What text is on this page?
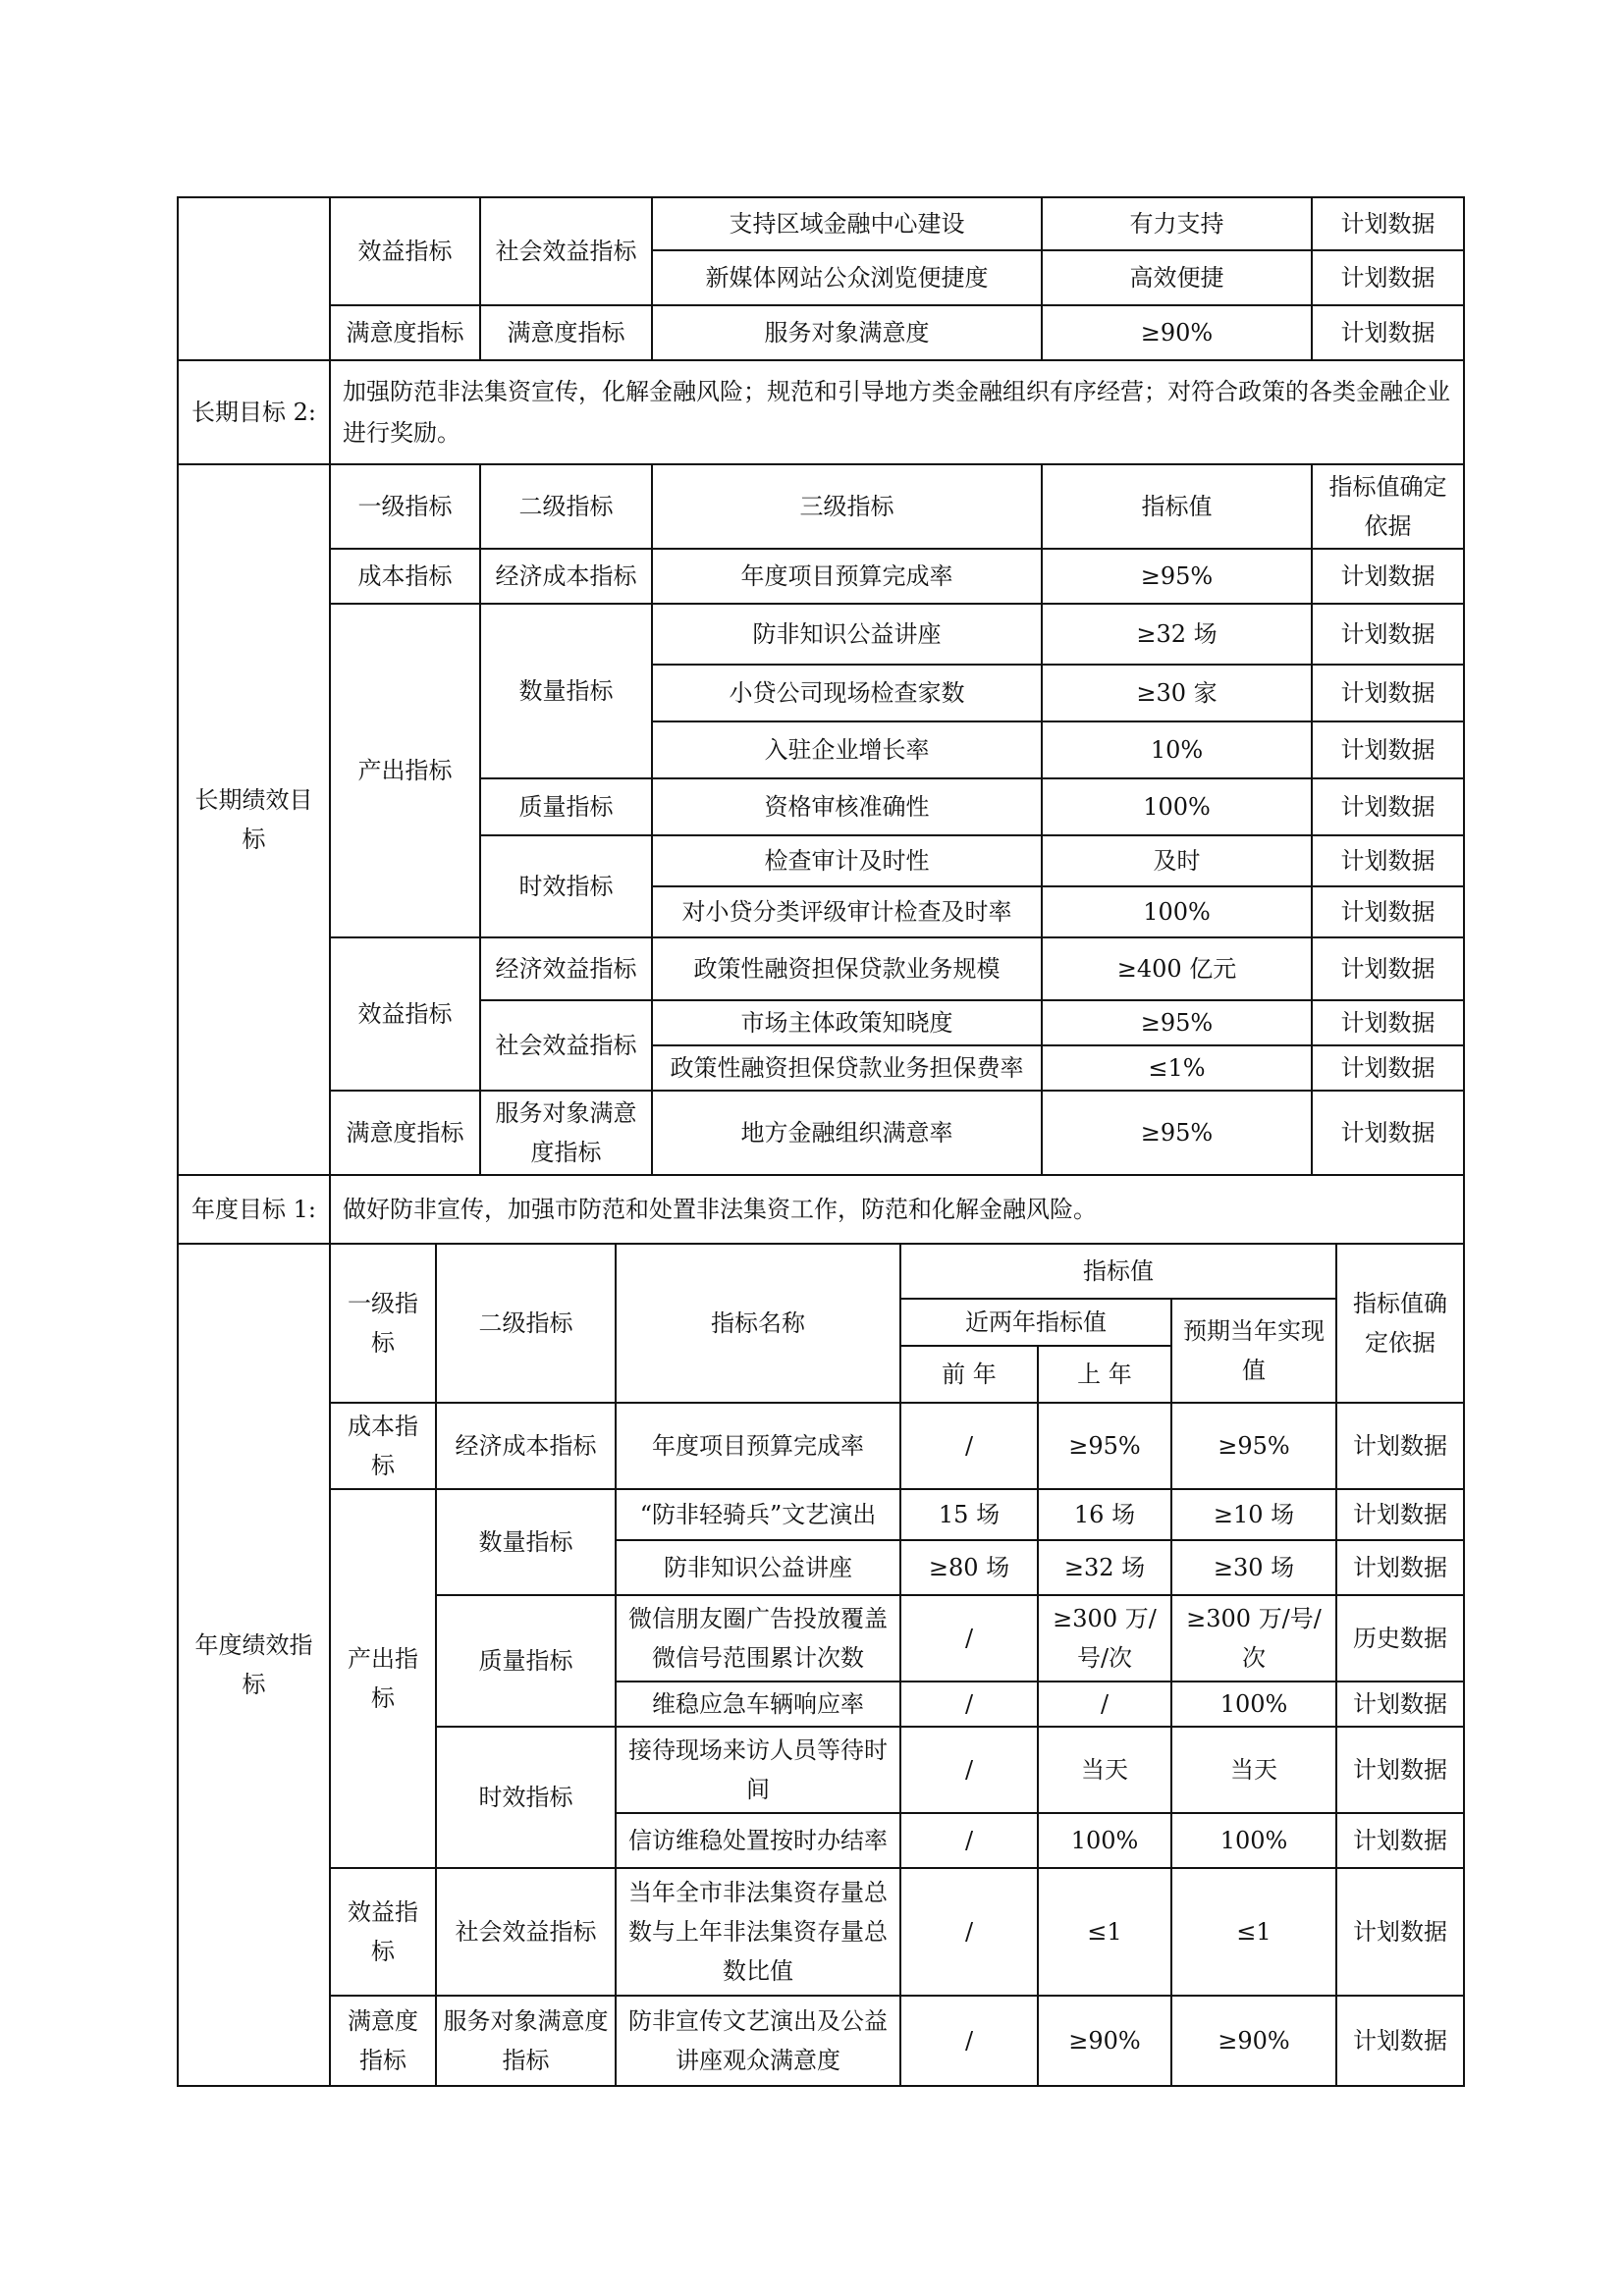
	效益指标	社会效益指标	支持区域金融中心建设	有力支持	计划数据
			新媒体网站公众浏览便捷度	高效便捷	计划数据
	满意度指标	满意度指标	服务对象满意度	≥90%	计划数据
长期目标 2:	加强防范非法集资宣传，化解金融风险；规范和引导地方类金融组织有序经营；对符合政策的各类金融企业进行奖励。				
长期绩效目标	一级指标	二级指标	三级指标	指标值	指标值确定依据
	成本指标	经济成本指标	年度项目预算完成率	≥95%	计划数据
	产出指标	数量指标	防非知识公益讲座	≥32 场	计划数据
			小贷公司现场检查家数	≥30 家	计划数据
			入驻企业增长率	10%	计划数据
		质量指标	资格审核准确性	100%	计划数据
		时效指标	检查审计及时性	及时	计划数据
			对小贷分类评级审计检查及时率	100%	计划数据
	效益指标	经济效益指标	政策性融资担保贷款业务规模	≥400 亿元	计划数据
		社会效益指标	市场主体政策知晓度	≥95%	计划数据
			政策性融资担保贷款业务担保费率	≤1%	计划数据
	满意度指标	服务对象满意度指标	地方金融组织满意率	≥95%	计划数据
年度目标 1:	做好防非宣传，加强市防范和处置非法集资工作，防范和化解金融风险。						
年度绩效指标	一级指标	二级指标	指标名称	指标值			指标值确定依据
				近两年指标值		预期当年实现值	
				前 年	上 年		
	成本指标	经济成本指标	年度项目预算完成率	/	≥95%	≥95%	计划数据
	产出指标	数量指标	“防非轻骑兵”文艺演出	15 场	16 场	≥10 场	计划数据
			防非知识公益讲座	≥80 场	≥32 场	≥30 场	计划数据
		质量指标	微信朋友圈广告投放覆盖微信号范围累计次数	/	≥300 万/号/次	≥300 万/号/次	历史数据
			维稳应急车辆响应率	/	/	100%	计划数据
		时效指标	接待现场来访人员等待时间	/	当天	当天	计划数据
			信访维稳处置按时办结率	/	100%	100%	计划数据
	效益指标	社会效益指标	当年全市非法集资存量总数与上年非法集资存量总数比值	/	≤1	≤1	计划数据
	满意度指标	服务对象满意度指标	防非宣传文艺演出及公益讲座观众满意度	/	≥90%	≥90%	计划数据
